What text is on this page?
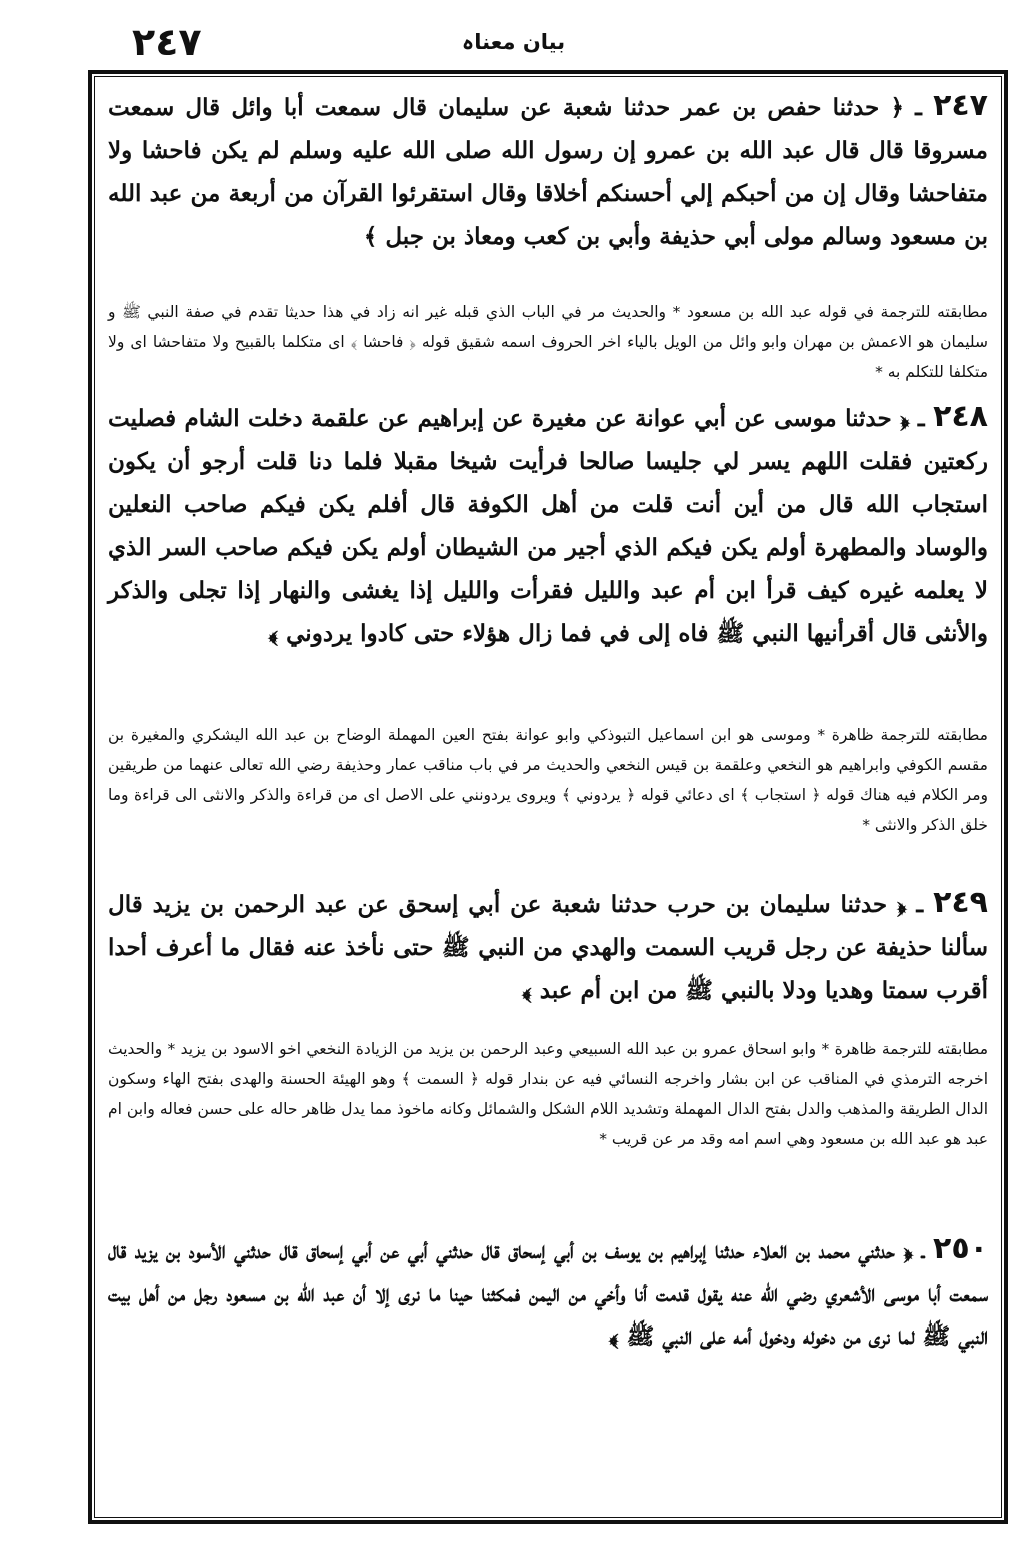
٢٤٧	بیان معناہ

٢٤٧ ـ ﴿ حدثنا حفص بن عمر حدثنا شعبة عن سليمان قال سمعت أبا وائل قال سمعت مسروقا قال قال عبد الله بن عمرو إن رسول الله صلى الله عليه وسلم لم يكن فاحشا ولا متفاحشا وقال إن من أحبكم إلي أحسنكم أخلاقا وقال استقرئوا القرآن من أربعة من عبد الله بن مسعود وسالم مولى أبي حذيفة وأبي بن كعب ومعاذ بن جبل ﴾

مطابقته للترجمة في قوله عبد الله بن مسعود * والحديث مر في الباب الذي قبله غير انه زاد في هذا حديثا تقدم في صفة النبي ﷺ و سليمان هو الاعمش بن مهران وابو وائل من الويل بالياء اخر الحروف اسمه شقيق قوله ﴿ فاحشا ﴾ اى متكلما بالقبيح ولا متفاحشا اى ولا متكلفا للتكلم به *

٢٤٨ ـ ﴿ حدثنا موسى عن أبي عوانة عن مغيرة عن إبراهيم عن علقمة دخلت الشام فصليت ركعتين فقلت اللهم يسر لي جليسا صالحا فرأيت شيخا مقبلا فلما دنا قلت أرجو أن يكون استجاب الله قال من أين أنت قلت من أهل الكوفة قال أفلم يكن فيكم صاحب النعلين والوساد والمطهرة أولم يكن فيكم الذي أجير من الشيطان أولم يكن فيكم صاحب السر الذي لا يعلمه غيره كيف قرأ ابن أم عبد والليل فقرأت والليل إذا يغشى والنهار إذا تجلى والذكر والأنثى قال أقرأنيها النبي ﷺ فاه إلى في فما زال هؤلاء حتى كادوا يردوني ﴾

مطابقته للترجمة ظاهرة * وموسى هو ابن اسماعيل التبوذكي وابو عوانة بفتح العين المهملة الوضاح بن عبد الله اليشكري والمغيرة بن مقسم الكوفي وابراهيم هو النخعي وعلقمة بن قيس النخعي والحديث مر في باب مناقب عمار وحذيفة رضي الله تعالى عنهما من طريقين ومر الكلام فيه هناك قوله ﴿ استجاب ﴾ اى دعائي قوله ﴿ يردوني ﴾ ويروى يردونني على الاصل اى من قراءة والذكر والانثى الى قراءة وما خلق الذكر والانثى *

٢٤٩ ـ ﴿ حدثنا سليمان بن حرب حدثنا شعبة عن أبي إسحق عن عبد الرحمن بن يزيد قال سألنا حذيفة عن رجل قريب السمت والهدي من النبي ﷺ حتى نأخذ عنه فقال ما أعرف أحدا أقرب سمتا وهديا ودلا بالنبي ﷺ من ابن أم عبد ﴾

مطابقته للترجمة ظاهرة * وابو اسحاق عمرو بن عبد الله السبيعي وعبد الرحمن بن يزيد من الزيادة النخعي اخو الاسود بن يزيد * والحديث اخرجه الترمذي في المناقب عن ابن بشار واخرجه النسائي فيه عن بندار قوله ﴿ السمت ﴾ وهو الهيئة الحسنة والهدى بفتح الهاء وسكون الدال الطريقة والمذهب والدل بفتح الدال المهملة وتشديد اللام الشكل والشمائل وكانه ماخوذ مما يدل ظاهر حاله على حسن فعاله وابن ام عبد هو عبد الله بن مسعود وهي اسم امه وقد مر عن قريب *

٢٥٠ ـ ﴿ حدثني محمد بن العلاء حدثنا إبراهيم بن يوسف بن أبي إسحاق قال حدثني أبي عن أبي إسحاق قال حدثني الأسود بن يزيد قال سمعت أبا موسى الأشعري رضي الله عنه يقول قدمت أنا وأخي من اليمن فمكثنا حينا ما نرى إلا أن عبد الله بن مسعود رجل من أهل بيت النبي ﷺ لما نرى من دخوله ودخول أمه على النبي ﷺ ﴾
